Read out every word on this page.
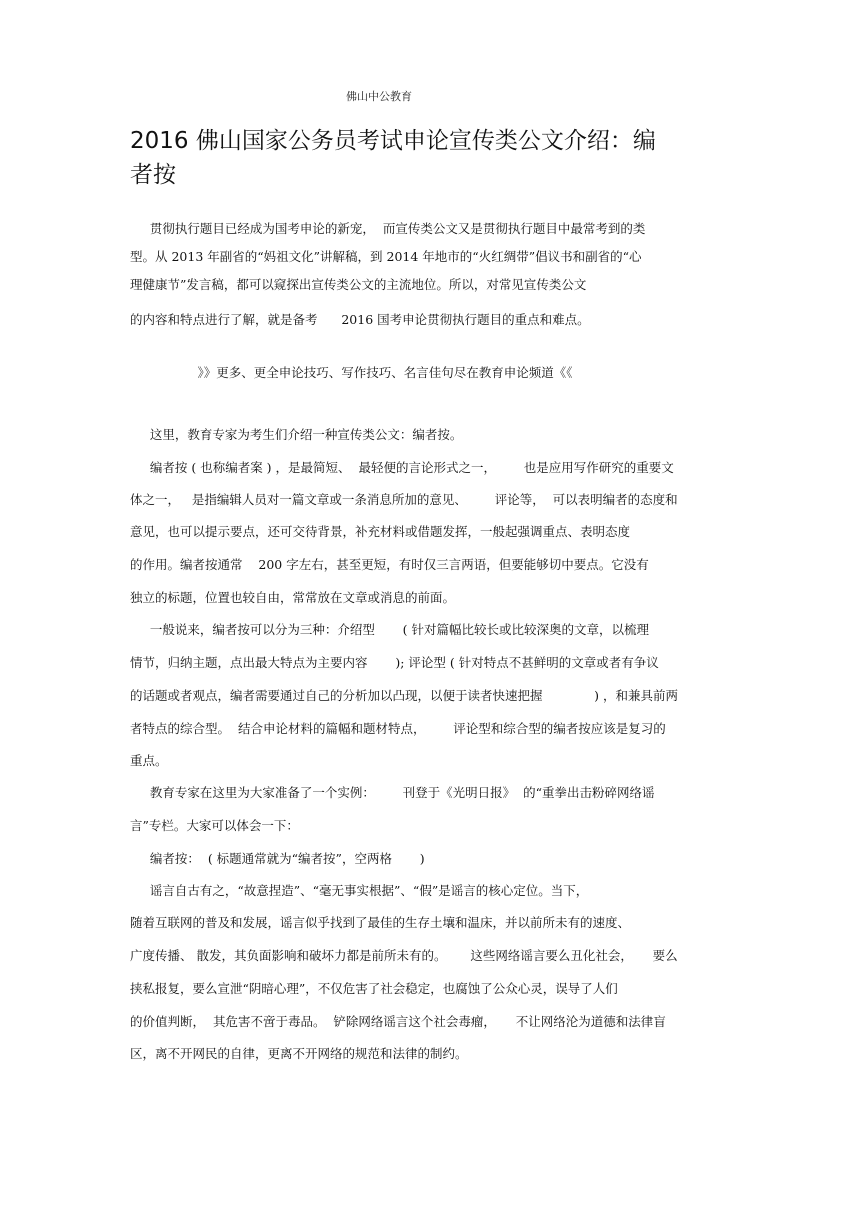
佛山中公教育
2016 佛山国家公务员考试申论宣传类公文介绍：编
者按
贯彻执行题目已经成为国考申论的新宠，  而宣传类公文又是贯彻执行题目中最常考到的类
型。从 2013 年副省的“妈祖文化”讲解稿，到 2014 年地市的“火红绸带”倡议书和副省的“心
理健康节”发言稿，都可以窥探出宣传类公文的主流地位。所以，对常见宣传类公文
的内容和特点进行了解，就是备考      2016 国考申论贯彻执行题目的重点和难点。
》》更多、更全申论技巧、写作技巧、名言佳句尽在教育申论频道《《
这里，教育专家为考生们介绍一种宣传类公文：编者按。
编者按 ( 也称编者案 ) ，是最简短、  最轻便的言论形式之一，       也是应用写作研究的重要文
体之一，   是指编辑人员对一篇文章或一条消息所加的意见、       评论等，  可以表明编者的态度和
意见，也可以提示要点，还可交待背景，补充材料或借题发挥，一般起强调重点、表明态度
的作用。编者按通常    200 字左右，甚至更短，有时仅三言两语，但要能够切中要点。它没有
独立的标题，位置也较自由，常常放在文章或消息的前面。
一般说来，编者按可以分为三种：介绍型       ( 针对篇幅比较长或比较深奥的文章，以梳理
情节，归纳主题，点出最大特点为主要内容       ); 评论型 ( 针对特点不甚鲜明的文章或者有争议
的话题或者观点，编者需要通过自己的分析加以凸现，以便于读者快速把握             ) ，和兼具前两
者特点的综合型。  结合申论材料的篇幅和题材特点，       评论型和综合型的编者按应该是复习的
重点。
教育专家在这里为大家准备了一个实例：       刊登于《光明日报》  的“重拳出击粉碎网络谣
言”专栏。大家可以体会一下：
编者按：  ( 标题通常就为“编者按”，空两格       )
谣言自古有之，“故意捏造”、“毫无事实根据”、“假”是谣言的核心定位。当下，
随着互联网的普及和发展，谣言似乎找到了最佳的生存土壤和温床，并以前所未有的速度、
广度传播、 散发，其负面影响和破坏力都是前所未有的。      这些网络谣言要么丑化社会，     要么
挟私报复，要么宣泄“阴暗心理”，不仅危害了社会稳定，也腐蚀了公众心灵，误导了人们
的价值判断，  其危害不啻于毒品。  铲除网络谣言这个社会毒瘤，     不让网络沦为道德和法律盲
区，离不开网民的自律，更离不开网络的规范和法律的制约。
